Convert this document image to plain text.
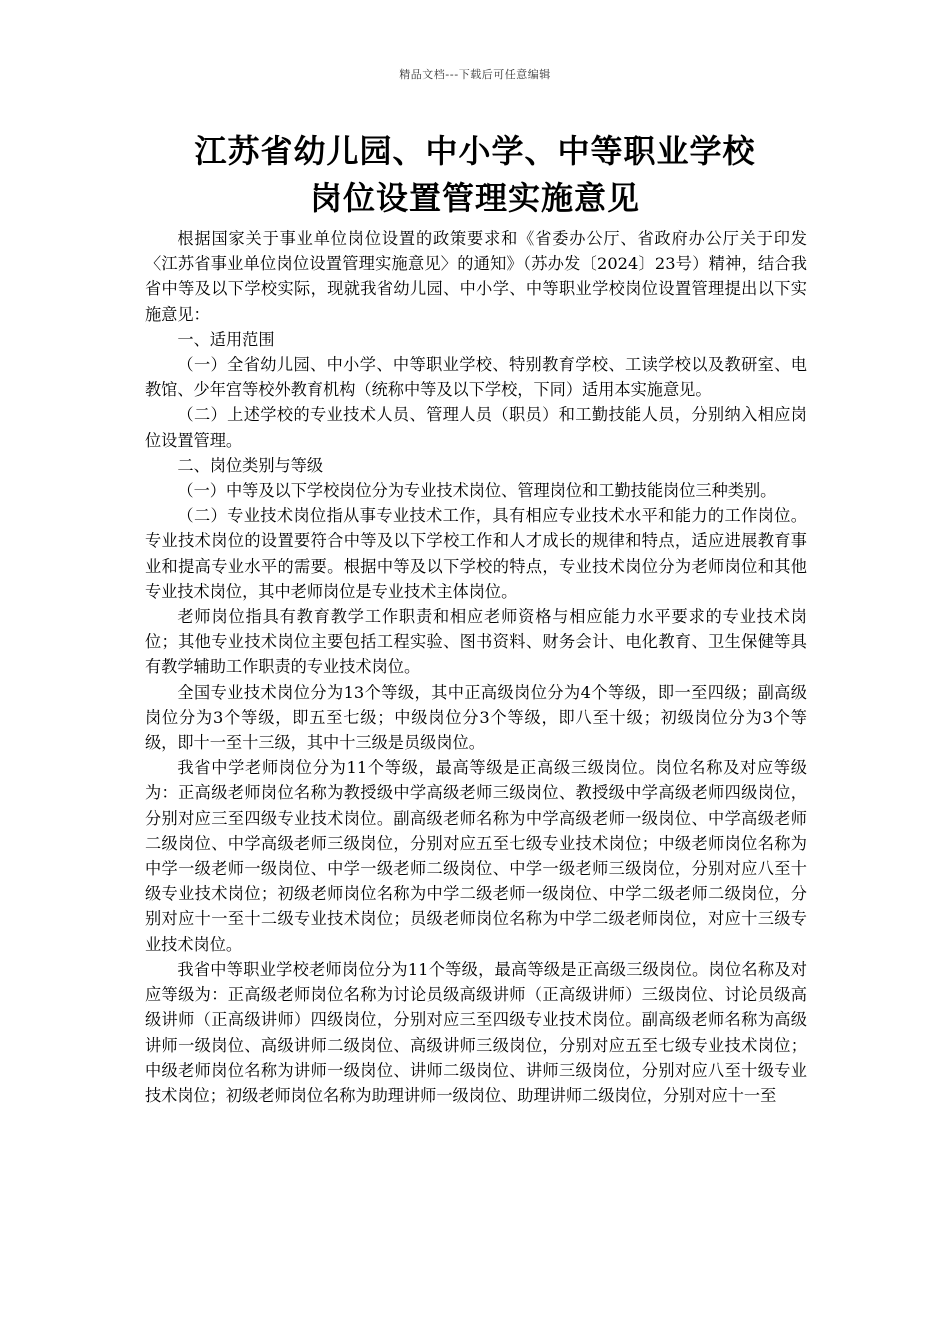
精品文档---下载后可任意编辑
江苏省幼儿园、中小学、中等职业学校
岗位设置管理实施意见

根据国家关于事业单位岗位设置的政策要求和《省委办公厅、省政府办公厅关于印发〈江苏省事业单位岗位设置管理实施意见〉的通知》（苏办发〔2024〕23号）精神，结合我省中等及以下学校实际，现就我省幼儿园、中小学、中等职业学校岗位设置管理提出以下实施意见：

一、适用范围

（一）全省幼儿园、中小学、中等职业学校、特别教育学校、工读学校以及教研室、电教馆、少年宫等校外教育机构（统称中等及以下学校，下同）适用本实施意见。

（二）上述学校的专业技术人员、管理人员（职员）和工勤技能人员，分别纳入相应岗位设置管理。

二、岗位类别与等级

（一）中等及以下学校岗位分为专业技术岗位、管理岗位和工勤技能岗位三种类别。

（二）专业技术岗位指从事专业技术工作，具有相应专业技术水平和能力的工作岗位。专业技术岗位的设置要符合中等及以下学校工作和人才成长的规律和特点，适应进展教育事业和提高专业水平的需要。根据中等及以下学校的特点，专业技术岗位分为老师岗位和其他专业技术岗位，其中老师岗位是专业技术主体岗位。

老师岗位指具有教育教学工作职责和相应老师资格与相应能力水平要求的专业技术岗位；其他专业技术岗位主要包括工程实验、图书资料、财务会计、电化教育、卫生保健等具有教学辅助工作职责的专业技术岗位。

全国专业技术岗位分为13个等级，其中正高级岗位分为4个等级，即一至四级；副高级岗位分为3个等级，即五至七级；中级岗位分3个等级，即八至十级；初级岗位分为3个等级，即十一至十三级，其中十三级是员级岗位。

我省中学老师岗位分为11个等级，最高等级是正高级三级岗位。岗位名称及对应等级为：正高级老师岗位名称为教授级中学高级老师三级岗位、教授级中学高级老师四级岗位，分别对应三至四级专业技术岗位。副高级老师名称为中学高级老师一级岗位、中学高级老师二级岗位、中学高级老师三级岗位，分别对应五至七级专业技术岗位；中级老师岗位名称为中学一级老师一级岗位、中学一级老师二级岗位、中学一级老师三级岗位，分别对应八至十级专业技术岗位；初级老师岗位名称为中学二级老师一级岗位、中学二级老师二级岗位，分别对应十一至十二级专业技术岗位；员级老师岗位名称为中学二级老师岗位，对应十三级专业技术岗位。

我省中等职业学校老师岗位分为11个等级，最高等级是正高级三级岗位。岗位名称及对应等级为：正高级老师岗位名称为讨论员级高级讲师（正高级讲师）三级岗位、讨论员级高级讲师（正高级讲师）四级岗位，分别对应三至四级专业技术岗位。副高级老师名称为高级讲师一级岗位、高级讲师二级岗位、高级讲师三级岗位，分别对应五至七级专业技术岗位；中级老师岗位名称为讲师一级岗位、讲师二级岗位、讲师三级岗位，分别对应八至十级专业技术岗位；初级老师岗位名称为助理讲师一级岗位、助理讲师二级岗位，分别对应十一至
